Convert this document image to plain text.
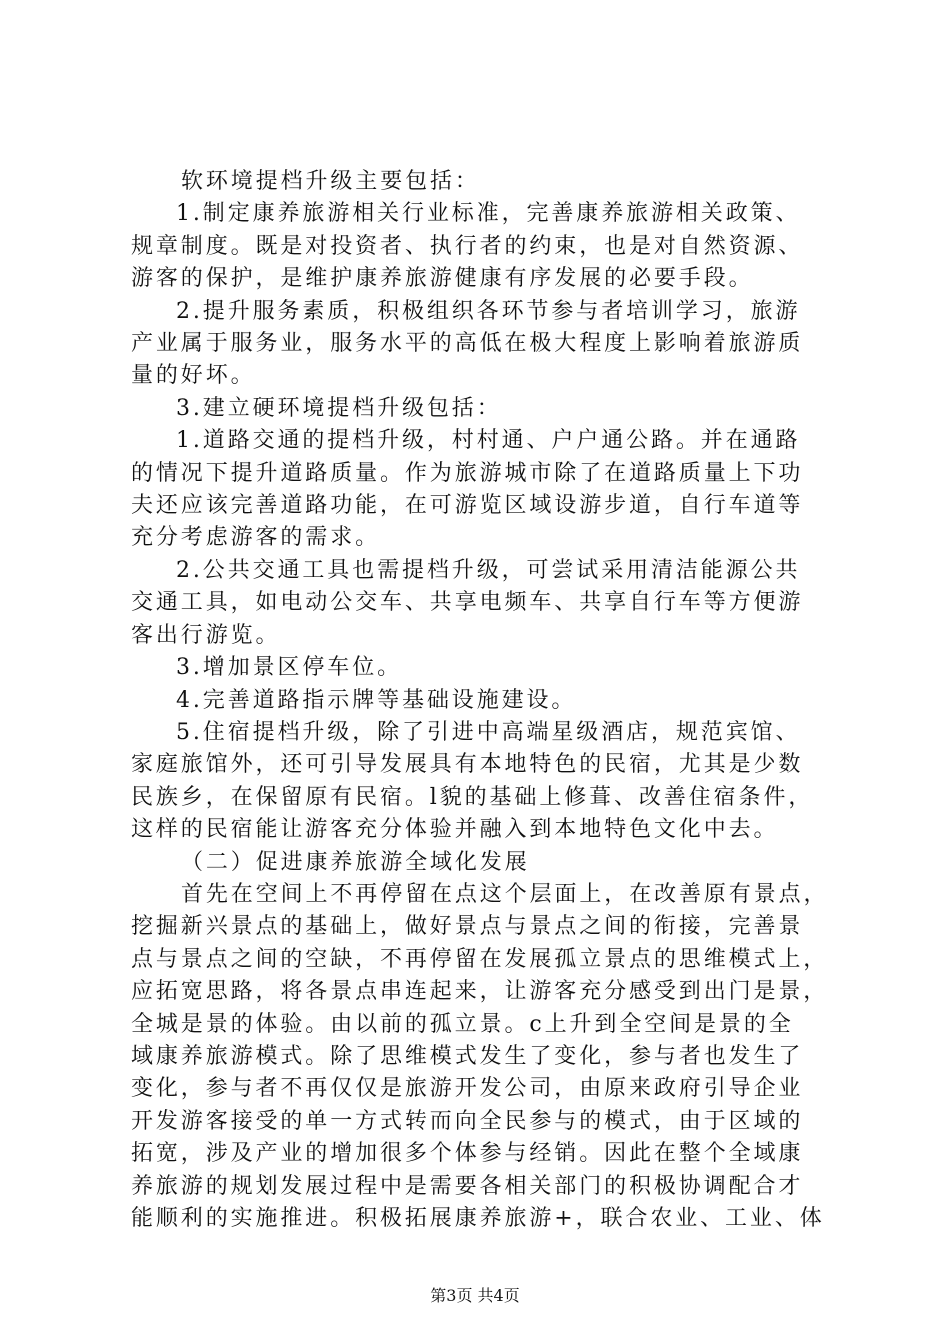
软环境提档升级主要包括：

1.制定康养旅游相关行业标准，完善康养旅游相关政策、

规章制度。既是对投资者、执行者的约束，也是对自然资源、

游客的保护，是维护康养旅游健康有序发展的必要手段。

2.提升服务素质，积极组织各环节参与者培训学习，旅游

产业属于服务业，服务水平的高低在极大程度上影响着旅游质

量的好坏。

3.建立硬环境提档升级包括：

1.道路交通的提档升级，村村通、户户通公路。并在通路

的情况下提升道路质量。作为旅游城市除了在道路质量上下功

夫还应该完善道路功能，在可游览区域设游步道，自行车道等

充分考虑游客的需求。

2.公共交通工具也需提档升级，可尝试采用清洁能源公共

交通工具，如电动公交车、共享电频车、共享自行车等方便游

客出行游览。

3.增加景区停车位。

4.完善道路指示牌等基础设施建设。

5.住宿提档升级，除了引进中高端星级酒店，规范宾馆、

家庭旅馆外，还可引导发展具有本地特色的民宿，尤其是少数

民族乡，在保留原有民宿。l貌的基础上修葺、改善住宿条件，

这样的民宿能让游客充分体验并融入到本地特色文化中去。

（二）促进康养旅游全域化发展

首先在空间上不再停留在点这个层面上，在改善原有景点，

挖掘新兴景点的基础上，做好景点与景点之间的衔接，完善景

点与景点之间的空缺，不再停留在发展孤立景点的思维模式上，

应拓宽思路，将各景点串连起来，让游客充分感受到出门是景，

全城是景的体验。由以前的孤立景。c上升到全空间是景的全

域康养旅游模式。除了思维模式发生了变化，参与者也发生了

变化，参与者不再仅仅是旅游开发公司，由原来政府引导企业

开发游客接受的单一方式转而向全民参与的模式，由于区域的

拓宽，涉及产业的增加很多个体参与经销。因此在整个全域康

养旅游的规划发展过程中是需要各相关部门的积极协调配合才

能顺利的实施推进。积极拓展康养旅游+，联合农业、工业、体

第3页 共4页
